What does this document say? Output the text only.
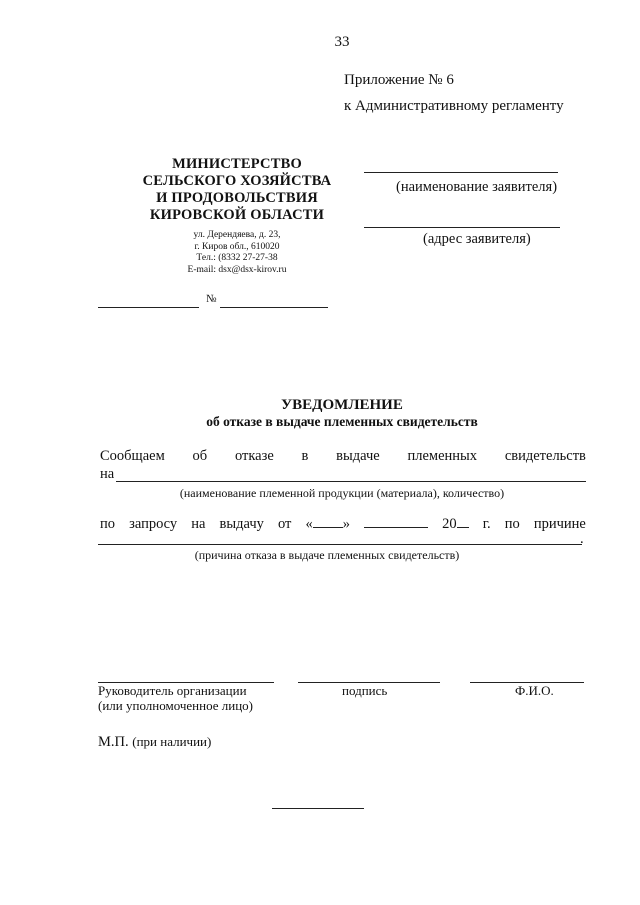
33
Приложение № 6
к Административному регламенту
МИНИСТЕРСТВО
СЕЛЬСКОГО ХОЗЯЙСТВА
И ПРОДОВОЛЬСТВИЯ
КИРОВСКОЙ ОБЛАСТИ
ул. Дерендяева, д. 23,
г. Киров обл., 610020
Тел.: (8332 27-27-38
E-mail: dsx@dsx-kirov.ru
(наименование заявителя)
(адрес заявителя)
№
УВЕДОМЛЕНИЕ
об отказе в выдаче племенных свидетельств
Сообщаем об отказе в выдаче племенных свидетельств
на
(наименование племенной продукции (материала), количество)
по запросу на выдачу от « »	20	г. по причине
.
(причина отказа в выдаче племенных свидетельств)
Руководитель организации
(или уполномоченное лицо)
подпись	Ф.И.О.
М.П. (при наличии)
